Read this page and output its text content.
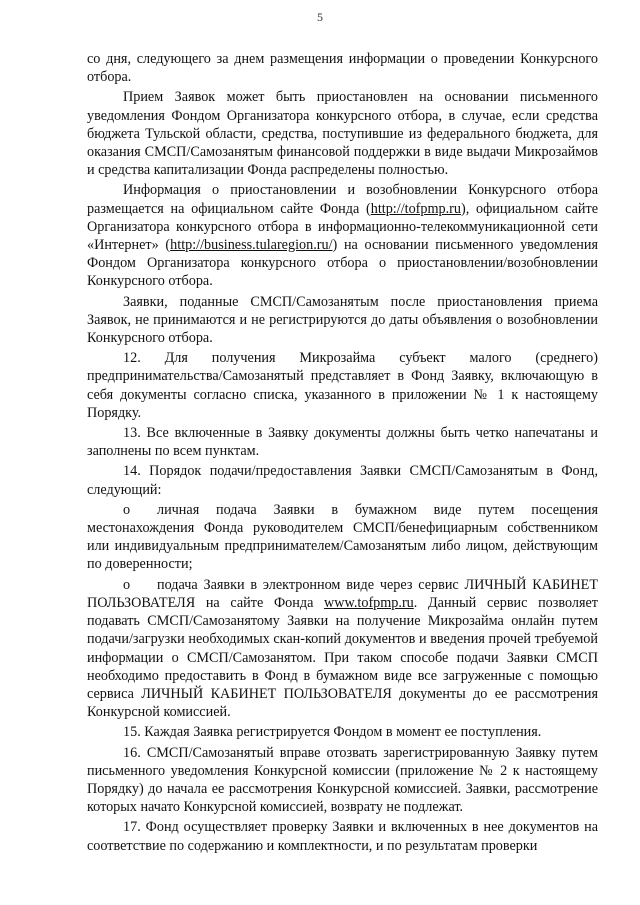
5

со дня, следующего за днем размещения информации о проведении Конкурсного отбора.

Прием Заявок может быть приостановлен на основании письменного уведомления Фондом Организатора конкурсного отбора, в случае, если средства бюджета Тульской области, средства, поступившие из федерального бюджета, для оказания СМСП/Самозанятым финансовой поддержки в виде выдачи Микрозаймов и средства капитализации Фонда распределены полностью.

Информация о приостановлении и возобновлении Конкурсного отбора размещается на официальном сайте Фонда (http://tofpmp.ru), официальном сайте Организатора конкурсного отбора в информационно-телекоммуникационной сети «Интернет» (http://business.tularegion.ru/) на основании письменного уведомления Фондом Организатора конкурсного отбора о приостановлении/возобновлении Конкурсного отбора.

Заявки, поданные СМСП/Самозанятым после приостановления приема Заявок, не принимаются и не регистрируются до даты объявления о возобновлении Конкурсного отбора.

12. Для получения Микрозайма субъект малого (среднего) предпринимательства/Самозанятый представляет в Фонд Заявку, включающую в себя документы согласно списка, указанного в приложении № 1 к настоящему Порядку.

13. Все включенные в Заявку документы должны быть четко напечатаны и заполнены по всем пунктам.

14. Порядок подачи/предоставления Заявки СМСП/Самозанятым в Фонд, следующий:

o личная подача Заявки в бумажном виде путем посещения местонахождения Фонда руководителем СМСП/бенефициарным собственником или индивидуальным предпринимателем/Самозанятым либо лицом, действующим по доверенности;

o подача Заявки в электронном виде через сервис ЛИЧНЫЙ КАБИНЕТ ПОЛЬЗОВАТЕЛЯ на сайте Фонда www.tofpmp.ru. Данный сервис позволяет подавать СМСП/Самозанятому Заявки на получение Микрозайма онлайн путем подачи/загрузки необходимых скан-копий документов и введения прочей требуемой информации о СМСП/Самозанятом. При таком способе подачи Заявки СМСП необходимо предоставить в Фонд в бумажном виде все загруженные с помощью сервиса ЛИЧНЫЙ КАБИНЕТ ПОЛЬЗОВАТЕЛЯ документы до ее рассмотрения Конкурсной комиссией.

15. Каждая Заявка регистрируется Фондом в момент ее поступления.

16. СМСП/Самозанятый вправе отозвать зарегистрированную Заявку путем письменного уведомления Конкурсной комиссии (приложение № 2 к настоящему Порядку) до начала ее рассмотрения Конкурсной комиссией. Заявки, рассмотрение которых начато Конкурсной комиссией, возврату не подлежат.

17. Фонд осуществляет проверку Заявки и включенных в нее документов на соответствие по содержанию и комплектности, и по результатам проверки
